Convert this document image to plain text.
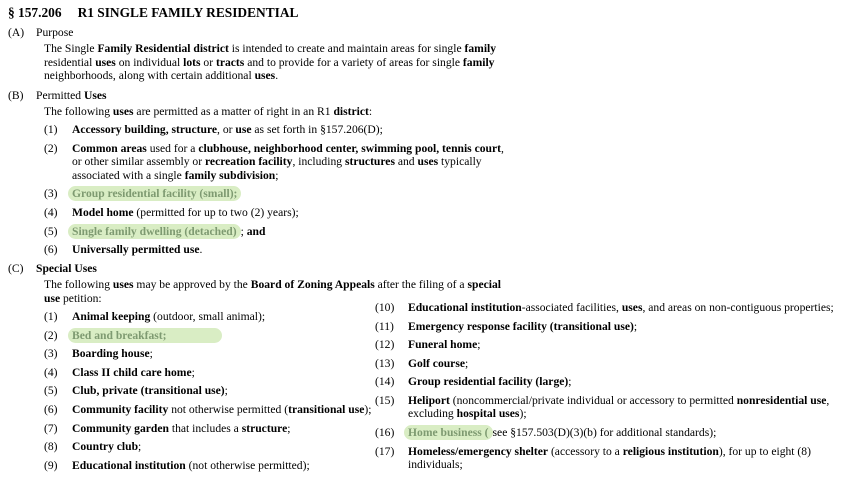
§ 157.206 R1 SINGLE FAMILY RESIDENTIAL
(A)	Purpose
The Single Family Residential district is intended to create and maintain areas for single family residential uses on individual lots or tracts and to provide for a variety of areas for single family neighborhoods, along with certain additional uses.
(B)	Permitted Uses
The following uses are permitted as a matter of right in an R1 district:
(1)	Accessory building, structure, or use as set forth in §157.206(D);
(2)	Common areas used for a clubhouse, neighborhood center, swimming pool, tennis court, or other similar assembly or recreation facility, including structures and uses typically associated with a single family subdivision;
(3)	Group residential facility (small);
(4)	Model home (permitted for up to two (2) years);
(5)	Single family dwelling (detached) ; and
(6)	Universally permitted use.
(C)	Special Uses
The following uses may be approved by the Board of Zoning Appeals after the filing of a special use petition:
(1)	Animal keeping (outdoor, small animal);
(2)	Bed and breakfast;
(3)	Boarding house;
(4)	Class II child care home;
(5)	Club, private (transitional use);
(6)	Community facility not otherwise permitted (transitional use);
(7)	Community garden that includes a structure;
(8)	Country club;
(9)	Educational institution (not otherwise permitted);
(10)	Educational institution-associated facilities, uses, and areas on non-contiguous properties;
(11)	Emergency response facility (transitional use);
(12)	Funeral home;
(13)	Golf course;
(14)	Group residential facility (large);
(15)	Heliport (noncommercial/private individual or accessory to permitted nonresidential use, excluding hospital uses);
(16)	Home business ( see §157.503(D)(3)(b) for additional standards);
(17)	Homeless/emergency shelter (accessory to a religious institution), for up to eight (8) individuals;
